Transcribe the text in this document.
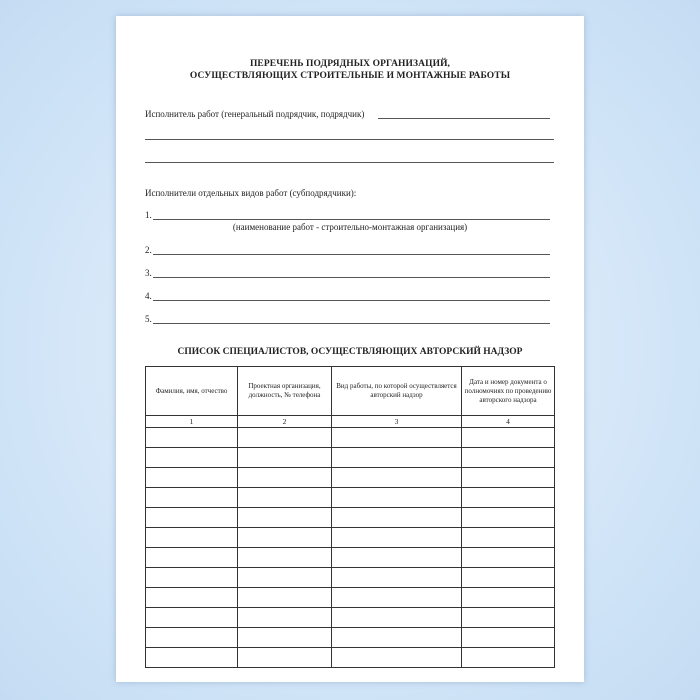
ПЕРЕЧЕНЬ ПОДРЯДНЫХ ОРГАНИЗАЦИЙ,
ОСУЩЕСТВЛЯЮЩИХ СТРОИТЕЛЬНЫЕ И МОНТАЖНЫЕ РАБОТЫ
Исполнитель работ (генеральный подрядчик, подрядчик)
Исполнители отдельных видов работ (субподрядчики):
1.
(наименование работ - строительно-монтажная организация)
2.
3.
4.
5.
СПИСОК СПЕЦИАЛИСТОВ, ОСУЩЕСТВЛЯЮЩИХ АВТОРСКИЙ НАДЗОР
Фамилия, имя, отчество	Проектная организация, должность, № телефона	Вид работы, по которой осуществляется авторский надзор	Дата и номер документа о полномочиях по проведению авторского надзора
1	2	3	4
